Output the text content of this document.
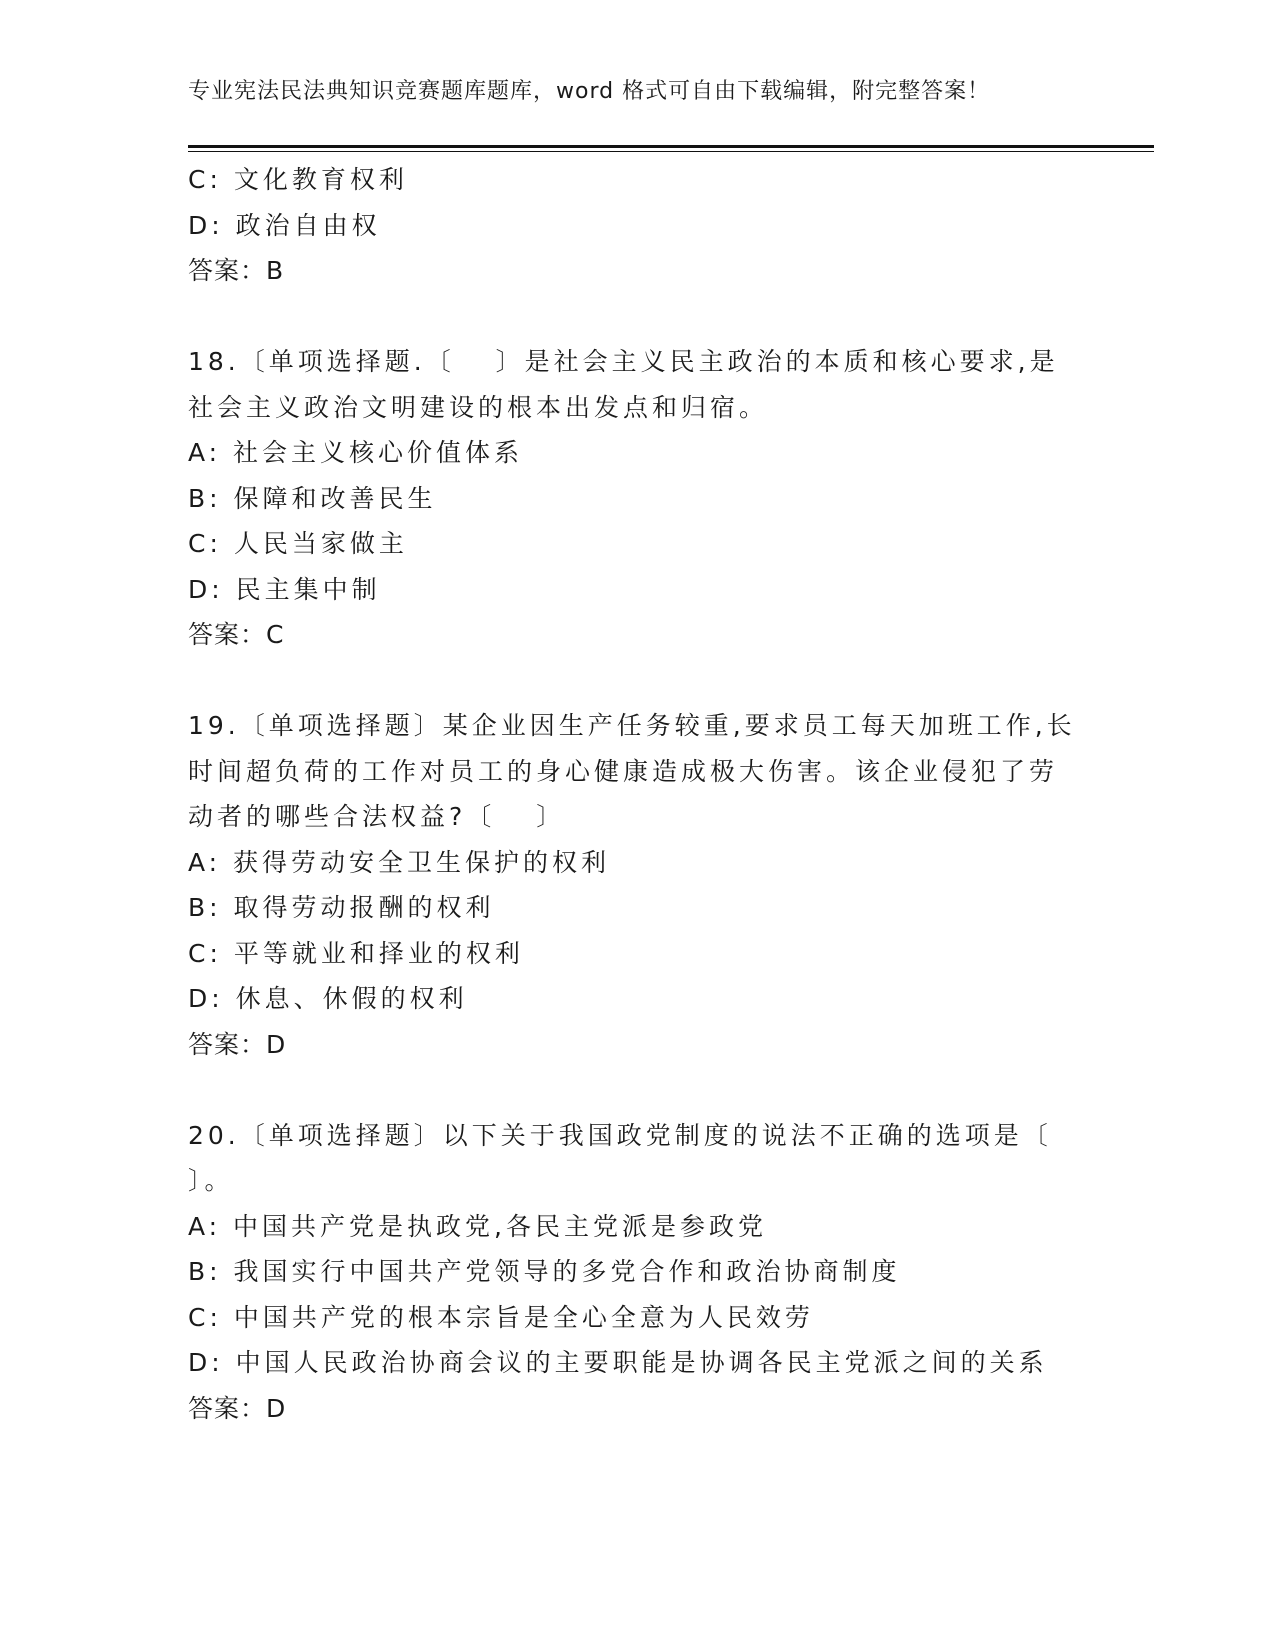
专业宪法民法典知识竞赛题库题库，word 格式可自由下载编辑，附完整答案！
C: 文化教育权利
D: 政治自由权
答案：B
18.〔单项选择题.〔　 〕是社会主义民主政治的本质和核心要求,是
社会主义政治文明建设的根本出发点和归宿。
A: 社会主义核心价值体系
B: 保障和改善民生
C: 人民当家做主
D: 民主集中制
答案：C
19.〔单项选择题〕某企业因生产任务较重,要求员工每天加班工作,长
时间超负荷的工作对员工的身心健康造成极大伤害。该企业侵犯了劳
动者的哪些合法权益?〔　 〕
A: 获得劳动安全卫生保护的权利
B: 取得劳动报酬的权利
C: 平等就业和择业的权利
D: 休息、休假的权利
答案：D
20.〔单项选择题〕以下关于我国政党制度的说法不正确的选项是〔
〕。
A: 中国共产党是执政党,各民主党派是参政党
B: 我国实行中国共产党领导的多党合作和政治协商制度
C: 中国共产党的根本宗旨是全心全意为人民效劳
D: 中国人民政治协商会议的主要职能是协调各民主党派之间的关系
答案：D
